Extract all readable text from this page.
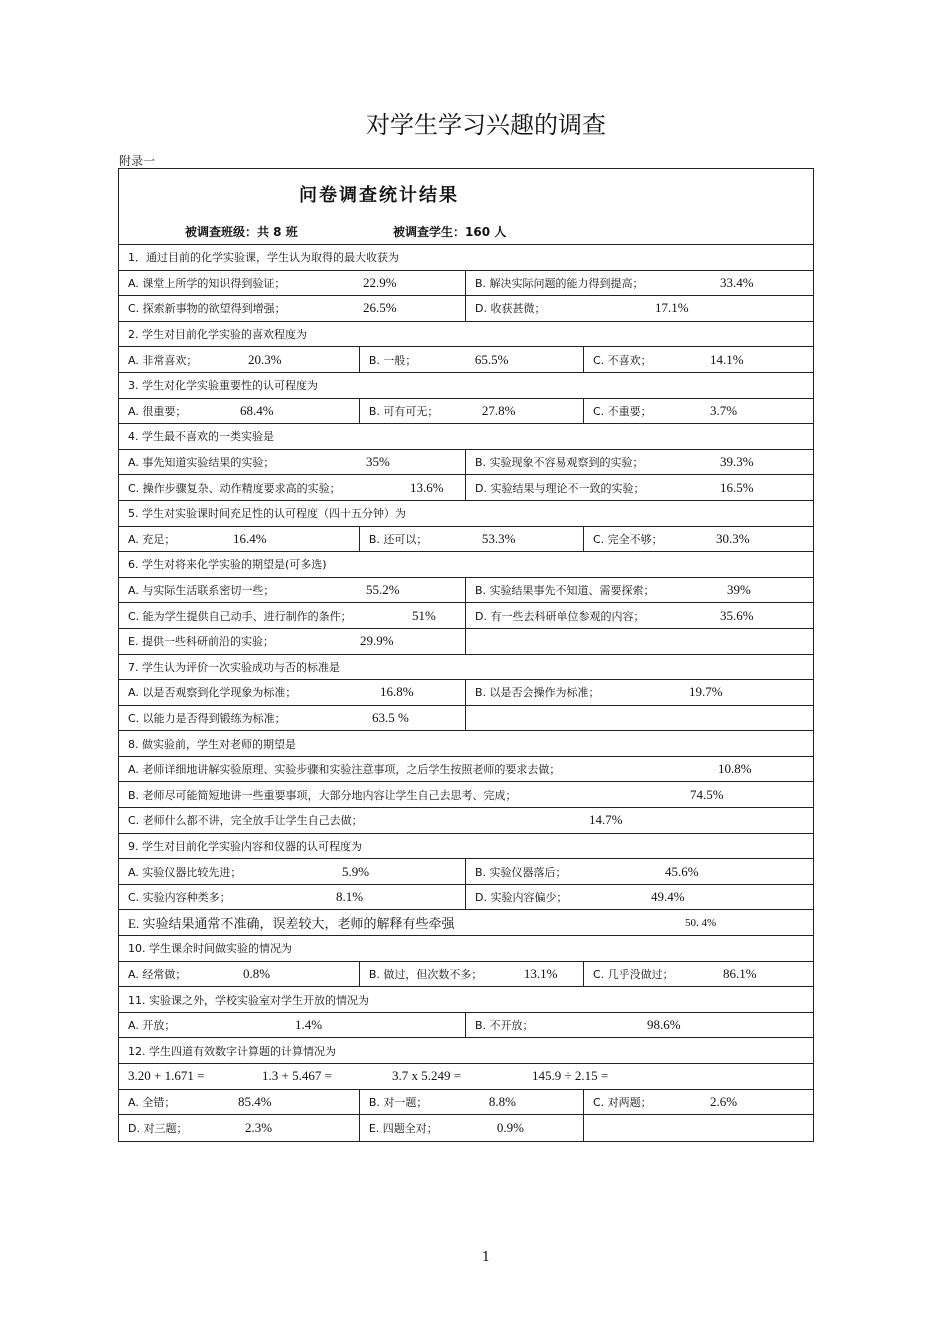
对学生学习兴趣的调查
附录一
问卷调查统计结果
被调查班级：共 8 班	被调查学生：160 人
1．通过目前的化学实验课，学生认为取得的最大收获为
A. 课堂上所学的知识得到验证；	22.9%	B. 解决实际问题的能力得到提高；	33.4%
C. 探索新事物的欲望得到增强；	26.5%	D. 收获甚微；	17.1%
2. 学生对目前化学实验的喜欢程度为
A. 非常喜欢；	20.3%	B. 一般；	65.5%	C. 不喜欢；	14.1%
3. 学生对化学实验重要性的认可程度为
A. 很重要；	68.4%	B. 可有可无；	27.8%	C. 不重要；	3.7%
4. 学生最不喜欢的一类实验是
A. 事先知道实验结果的实验；	35%	B. 实验现象不容易观察到的实验；	39.3%
C. 操作步骤复杂、动作精度要求高的实验；	13.6%	D. 实验结果与理论不一致的实验；	16.5%
5. 学生对实验课时间充足性的认可程度（四十五分钟）为
A. 充足；	16.4%	B. 还可以；	53.3%	C. 完全不够；	30.3%
6. 学生对将来化学实验的期望是(可多选)
A. 与实际生活联系密切一些；	55.2%	B. 实验结果事先不知道、需要探索；	39%
C. 能为学生提供自己动手、进行制作的条件；	51%	D. 有一些去科研单位参观的内容；	35.6%
E. 提供一些科研前沿的实验；	29.9%
7. 学生认为评价一次实验成功与否的标准是
A. 以是否观察到化学现象为标准；	16.8%	B. 以是否会操作为标准；	19.7%
C. 以能力是否得到锻练为标准；	63.5 %
8. 做实验前，学生对老师的期望是
A. 老师详细地讲解实验原理、实验步骤和实验注意事项，之后学生按照老师的要求去做；	10.8%
B. 老师尽可能简短地讲一些重要事项，大部分地内容让学生自己去思考、完成；	74.5%
C. 老师什么都不讲，完全放手让学生自己去做；	14.7%
9. 学生对目前化学实验内容和仪器的认可程度为
A. 实验仪器比较先进；	5.9%	B. 实验仪器落后；	45.6%
C. 实验内容种类多；	8.1%	D. 实验内容偏少；	49.4%
E. 实验结果通常不准确，误差较大，老师的解释有些牵强	50. 4%
10. 学生课余时间做实验的情况为
A. 经常做；	0.8%	B. 做过，但次数不多；	13.1%	C. 几乎没做过；	86.1%
11. 实验课之外，学校实验室对学生开放的情况为
A. 开放；	1.4%	B. 不开放；	98.6%
12. 学生四道有效数字计算题的计算情况为
3.20 + 1.671 =	1.3 + 5.467 =	3.7 x 5.249 =	145.9 ÷ 2.15 =
A. 全错；	85.4%	B. 对一题；	8.8%	C. 对两题；	2.6%
D. 对三题；	2.3%	E. 四题全对；	0.9%
1
